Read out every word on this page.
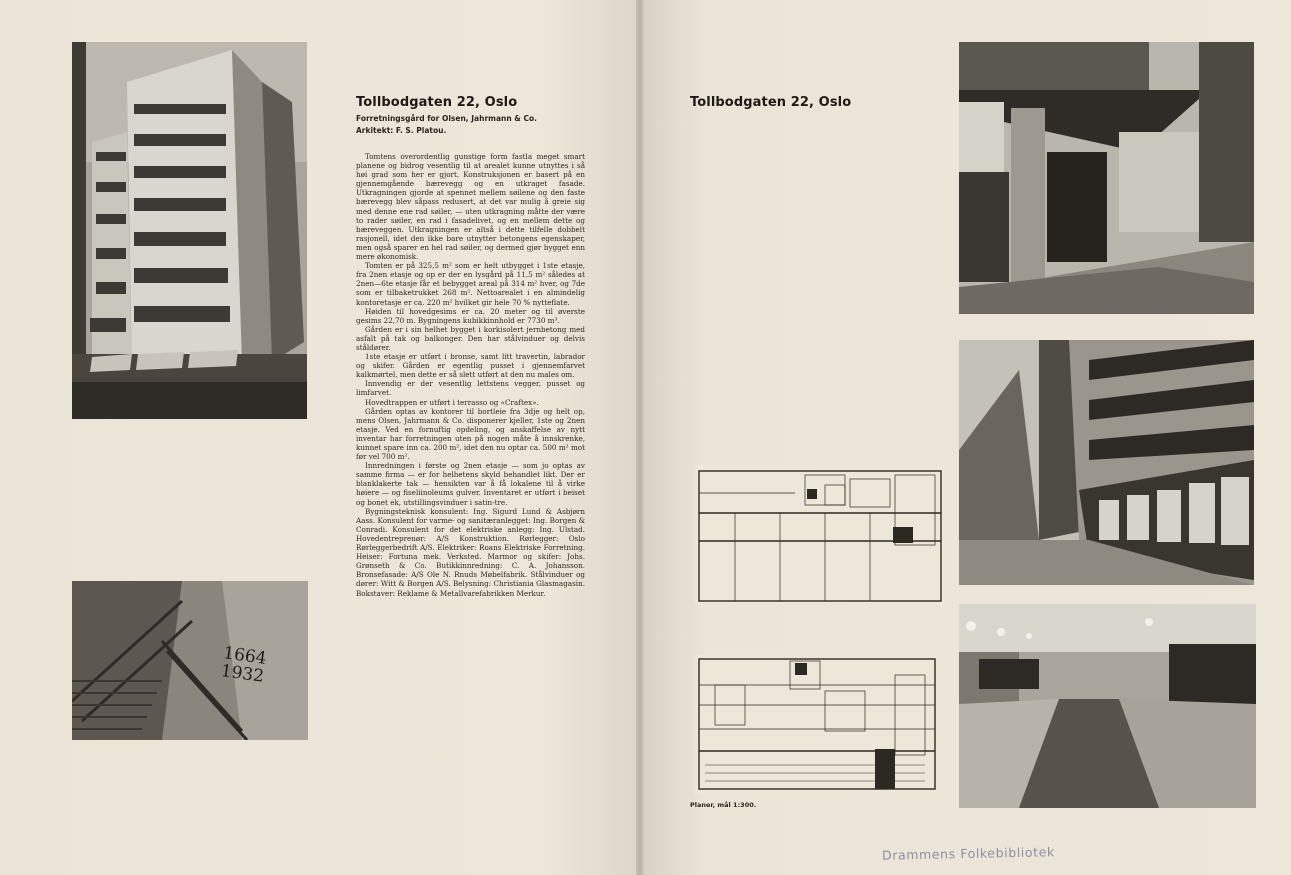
Tollbodgaten 22, Oslo
Forretningsgård for Olsen, Jahrmann & Co.
Arkitekt: F. S. Platou.

Tomtens overordentlig gunstige form fastla meget smart planene og bidrog vesentlig til at arealet kunne utnyttes i så høi grad som her er gjort. Konstruksjonen er basert på en gjennemgående bærevegg og en utkraget fasade. Utkragningen gjorde at spennet mellem søilene og den faste bærevegg blev såpass redusert, at det var mulig å greie sig med denne ene rad søiler, — uten utkragning måtte der være to rader søiler, en rad i fasadelivet, og en mellem dette og bæreveggen. Utkragningen er altså i dette tilfelle dobbelt rasjonell, idet den ikke bare utnytter betongens egenskaper, men også sparer en hel rad søiler, og dermed gjør bygget enn mere økonomisk.

Tomten er på 325,5 m² som er helt utbygget i 1ste etasje, fra 2nen etasje og op er der en lysgård på 11,5 m² således at 2nen—6te etasje får et bebygget areal på 314 m² hver, og 7de som er tilbaketrukket 268 m². Nettoarealet i en almindelig kontoretasje er ca. 220 m² hvilket gir hele 70 % nytteflate.

Høiden til hovedgesims er ca. 20 meter og til øverste gesims 22,70 m. Bygningens kubikkinnhold er 7730 m³.

Gården er i sin helhet bygget i korkisolert jernbetong med asfalt på tak og balkonger. Den har stålvinduer og delvis ståldører.

1ste etasje er utført i bronse, samt litt travertin, labrador og skifer. Gården er egentlig pusset i gjennemfarvet kalkmørtel, men dette er så slett utført at den nu males om.

Innvendig er der vesentlig lettstens vegger, pusset og limfarvet.

Hovedtrappen er utført i terrasso og «Craftex».

Gården optas av kontorer til bortleie fra 3dje og helt op, mens Olsen, Jahrmann & Co. disponerer kjeller, 1ste og 2nen etasje. Ved en fornuftig opdeling, og anskaffelse av nytt inventar har forretningen uten på nogen måte å innskrenke, kunnet spare inn ca. 200 m², idet den nu optar ca. 500 m² mot før vel 700 m².

Innredningen i første og 2nen etasje — som jo optas av samme firma — er for helhetens skyld behandlet likt. Der er blanklakerte tak — hensikten var å få lokalene til å virke høiere — og fiseliinoleums gulver. Inventaret er utført i beiset og bonet ek, utstillingsvinduer i satin-tre.

Bygningsteknisk konsulent: Ing. Sigurd Lund & Asbjørn Aass. Konsulent for varme- og sanitæranlegget: Ing. Borgen & Conradi. Konsulent for det elektriske anlegg: Ing. Ulstad. Hovedentreprenør: A/S Konstruktion. Rørlegger: Oslo Rørleggerbedrift A/S. Elektriker: Roans Elektriske Forretning. Heiser: Fortuna mek. Verksted. Marmor og skifer: Johs. Grønseth & Co. Butikkinnredning: C. A. Johansson. Bronsefasade: A/S Ole N. Rnuds Møbelfabrik. Stålvinduer og dører: Witt & Borgen A/S. Belysning: Christiania Glasmagasin. Bokstaver: Reklame & Metallvarefabrikken Merkur.

1664
1932
Tollbodgaten 22, Oslo
Planer, mål 1:300.
Drammens Folkebibliotek
